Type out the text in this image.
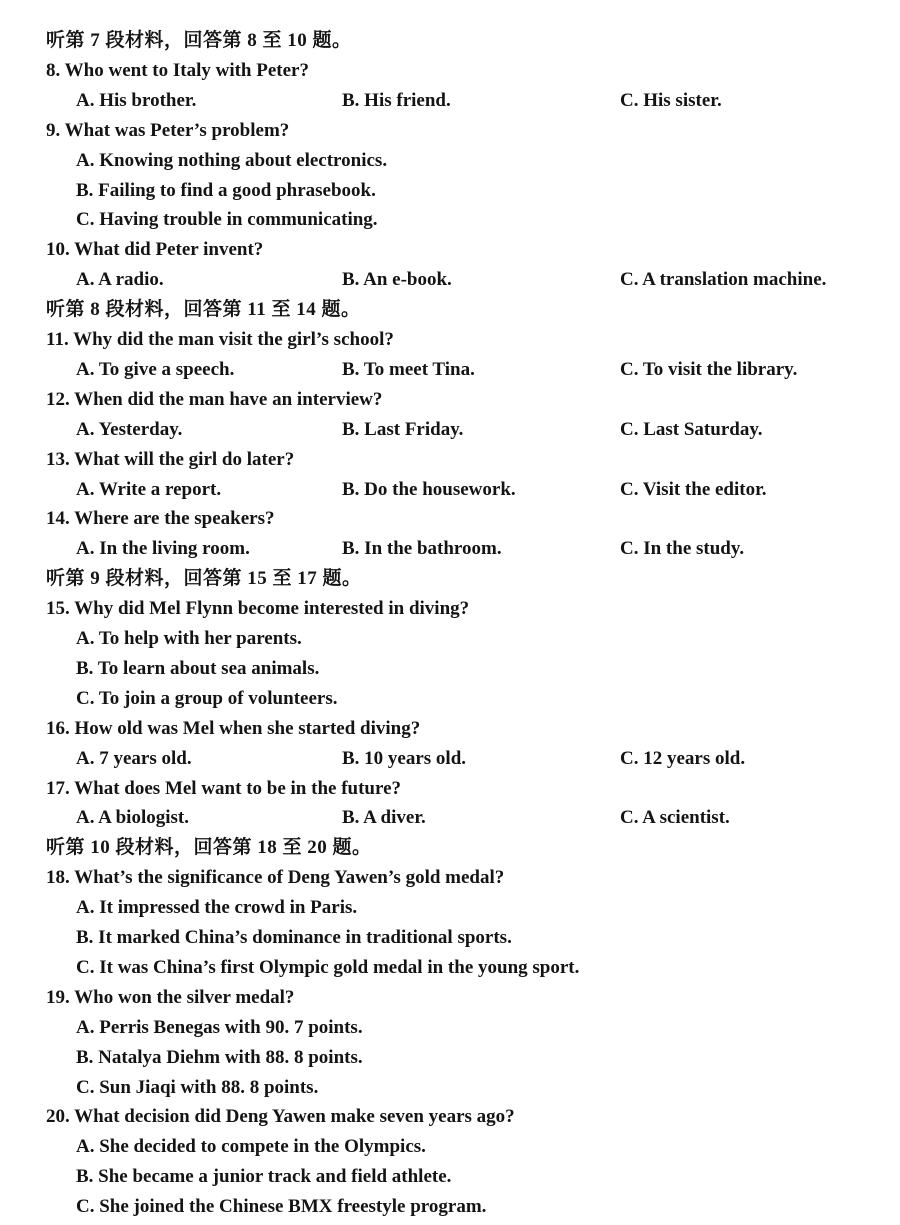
听第 7 段材料，回答第 8 至 10 题。
8. Who went to Italy with Peter?
A. His brother.	B. His friend.	C. His sister.
9. What was Peter’s problem?
A. Knowing nothing about electronics.
B. Failing to find a good phrasebook.
C. Having trouble in communicating.
10. What did Peter invent?
A. A radio.	B. An e-book.	C. A translation machine.
听第 8 段材料，回答第 11 至 14 题。
11. Why did the man visit the girl’s school?
A. To give a speech.	B. To meet Tina.	C. To visit the library.
12. When did the man have an interview?
A. Yesterday.	B. Last Friday.	C. Last Saturday.
13. What will the girl do later?
A. Write a report.	B. Do the housework.	C. Visit the editor.
14. Where are the speakers?
A. In the living room.	B. In the bathroom.	C. In the study.
听第 9 段材料，回答第 15 至 17 题。
15. Why did Mel Flynn become interested in diving?
A. To help with her parents.
B. To learn about sea animals.
C. To join a group of volunteers.
16. How old was Mel when she started diving?
A. 7 years old.	B. 10 years old.	C. 12 years old.
17. What does Mel want to be in the future?
A. A biologist.	B. A diver.	C. A scientist.
听第 10 段材料，回答第 18 至 20 题。
18. What’s the significance of Deng Yawen’s gold medal?
A. It impressed the crowd in Paris.
B. It marked China’s dominance in traditional sports.
C. It was China’s first Olympic gold medal in the young sport.
19. Who won the silver medal?
A. Perris Benegas with 90. 7 points.
B. Natalya Diehm with 88. 8 points.
C. Sun Jiaqi with 88. 8 points.
20. What decision did Deng Yawen make seven years ago?
A. She decided to compete in the Olympics.
B. She became a junior track and field athlete.
C. She joined the Chinese BMX freestyle program.
